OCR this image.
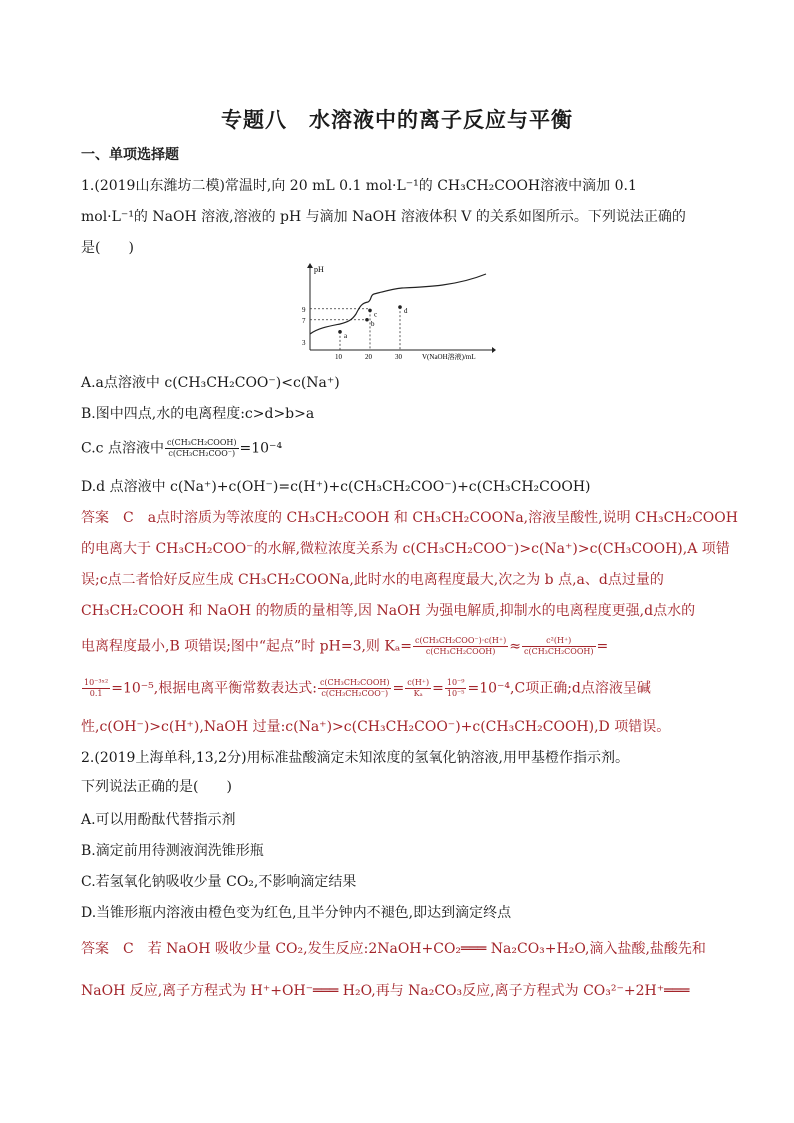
专题八　水溶液中的离子反应与平衡
一、单项选择题
1.(2019山东潍坊二模)常温时,向 20 mL 0.1 mol·L⁻¹的 CH₃CH₂COOH溶液中滴加 0.1
mol·L⁻¹的 NaOH 溶液,溶液的 pH 与滴加 NaOH 溶液体积 V 的关系如图所示。下列说法正确的
是(　　)
pH
V(NaOH溶液)/mL
10	20	30
3
7
9
a
b
c	d
A.a点溶液中 c(CH₃CH₂COO⁻)<c(Na⁺)
B.图中四点,水的电离程度:c>d>b>a
C.c 点溶液中 $\frac{\text{c(CH₃CH₂COOH)}}{\text{c(CH₃CH₂COO⁻)}} =10^{-4}$
D.d 点溶液中 c(Na⁺)+c(OH⁻)=c(H⁺)+c(CH₃CH₂COO⁻)+c(CH₃CH₂COOH)
答案　C　a点时溶质为等浓度的 CH₃CH₂COOH 和 CH₃CH₂COONa,溶液呈酸性,说明 CH₃CH₂COOH
的电离大于 CH₃CH₂COO⁻的水解,微粒浓度关系为 c(CH₃CH₂COO⁻)>c(Na⁺)>c(CH₃COOH),A 项错
误;c点二者恰好反应生成 CH₃CH₂COONa,此时水的电离程度最大,次之为 b 点,a、d点过量的
CH₃CH₂COOH 和 NaOH 的物质的量相等,因 NaOH 为强电解质,抑制水的电离程度更强,d点水的
电离程度最小,B 项错误;图中“起点”时 pH=3,则 $K_a= \frac{\text{c(CH₃CH₂COO⁻)·c(H⁺)}}{\text{c(CH₃CH₂COOH)}} \approx \frac{\text{c²(H⁺)}}{\text{c(CH₃CH₂COOH)}}$ =
$\frac{\text{10⁻³ˣ²}}{0.1} =10^{-5}$,根据电离平衡常数表达式: $\frac{\text{c(CH₃CH₂COOH)}}{\text{c(CH₃CH₂COO⁻)}} = \frac{c(H^+)}{\text{Kₐ}} = \frac{\text{10⁻⁹}}{\text{10⁻⁵}} =10^{-4},C$项正确;d点溶液呈碱
性,c(OH⁻)>c(H⁺),NaOH 过量:c(Na⁺)>c(CH₃CH₂COO⁻)+c(CH₃CH₂COOH),D 项错误。
2.(2019上海单科,13,2分)用标准盐酸滴定未知浓度的氢氧化钠溶液,用甲基橙作指示剂。
下列说法正确的是(　　)
A.可以用酚酞代替指示剂
B.滴定前用待测液润洗锥形瓶
C.若氢氧化钠吸收少量 CO₂,不影响滴定结果
D.当锥形瓶内溶液由橙色变为红色,且半分钟内不褪色,即达到滴定终点
答案　C　若 NaOH 吸收少量 CO₂,发生反应:2NaOH+CO₂═══ Na₂CO₃+H₂O,滴入盐酸,盐酸先和
NaOH 反应,离子方程式为 H⁺+OH⁻═══ H₂O,再与 Na₂CO₃反应,离子方程式为 CO₃²⁻+2H⁺═══
